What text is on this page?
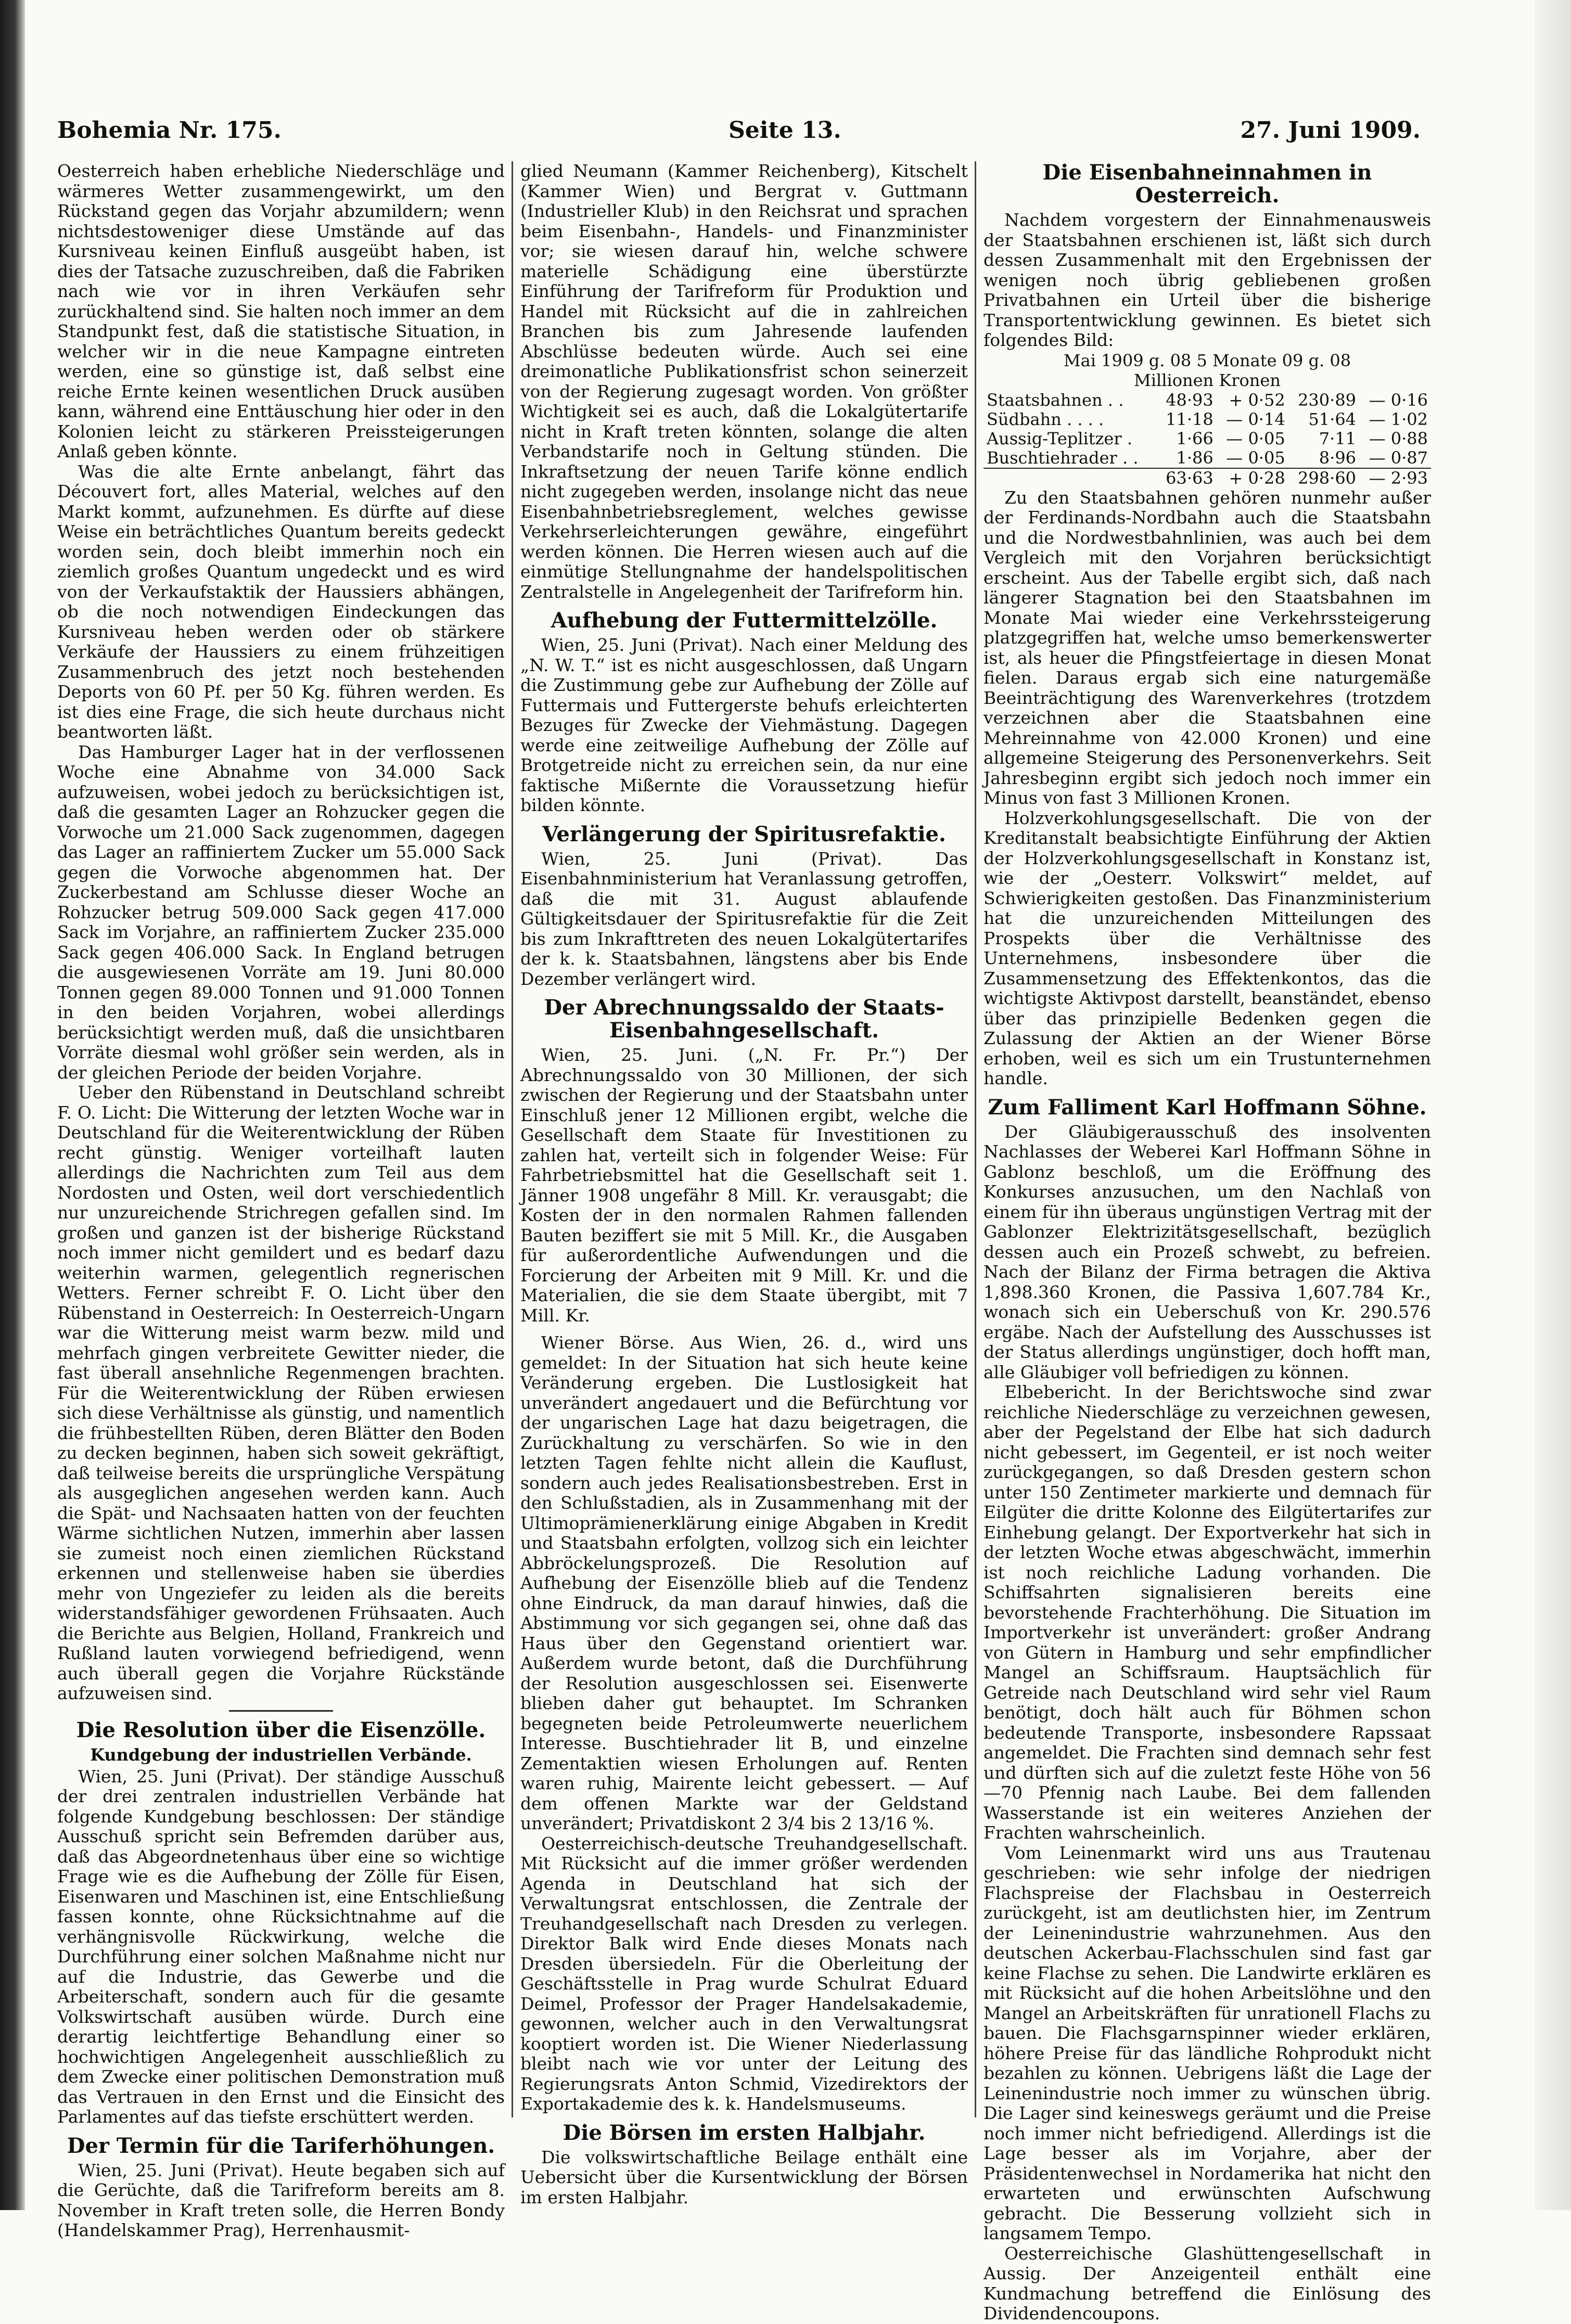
Bohemia Nr. 175.	Seite 13.	27. Juni 1909.

Oesterreich haben erhebliche Niederschläge und wärmeres Wetter zusammengewirkt, um den Rückstand gegen das Vorjahr abzumildern; wenn nichtsdestoweniger diese Umstände auf das Kursniveau keinen Einfluß ausgeübt haben, ist dies der Tatsache zuzuschreiben, daß die Fabriken nach wie vor in ihren Verkäufen sehr zurückhaltend sind. Sie halten noch immer an dem Standpunkt fest, daß die statistische Situation, in welcher wir in die neue Kampagne eintreten werden, eine so günstige ist, daß selbst eine reiche Ernte keinen wesentlichen Druck ausüben kann, während eine Enttäuschung hier oder in den Kolonien leicht zu stärkeren Preissteigerungen Anlaß geben könnte.

Was die alte Ernte anbelangt, fährt das Découvert fort, alles Material, welches auf den Markt kommt, aufzunehmen. Es dürfte auf diese Weise ein beträchtliches Quantum bereits gedeckt worden sein, doch bleibt immerhin noch ein ziemlich großes Quantum ungedeckt und es wird von der Verkaufstaktik der Haussiers abhängen, ob die noch notwendigen Eindeckungen das Kursniveau heben werden oder ob stärkere Verkäufe der Haussiers zu einem frühzeitigen Zusammenbruch des jetzt noch bestehenden Deports von 60 Pf. per 50 Kg. führen werden. Es ist dies eine Frage, die sich heute durchaus nicht beantworten läßt.

Das Hamburger Lager hat in der verflossenen Woche eine Abnahme von 34.000 Sack aufzuweisen, wobei jedoch zu berücksichtigen ist, daß die gesamten Lager an Rohzucker gegen die Vorwoche um 21.000 Sack zugenommen, dagegen das Lager an raffiniertem Zucker um 55.000 Sack gegen die Vorwoche abgenommen hat. Der Zuckerbestand am Schlusse dieser Woche an Rohzucker betrug 509.000 Sack gegen 417.000 Sack im Vorjahre, an raffiniertem Zucker 235.000 Sack gegen 406.000 Sack. In England betrugen die ausgewiesenen Vorräte am 19. Juni 80.000 Tonnen gegen 89.000 Tonnen und 91.000 Tonnen in den beiden Vorjahren, wobei allerdings berücksichtigt werden muß, daß die unsichtbaren Vorräte diesmal wohl größer sein werden, als in der gleichen Periode der beiden Vorjahre.

Ueber den Rübenstand in Deutschland schreibt F. O. Licht: Die Witterung der letzten Woche war in Deutschland für die Weiterentwicklung der Rüben recht günstig. Weniger vorteilhaft lauten allerdings die Nachrichten zum Teil aus dem Nordosten und Osten, weil dort verschiedentlich nur unzureichende Strichregen gefallen sind. Im großen und ganzen ist der bisherige Rückstand noch immer nicht gemildert und es bedarf dazu weiterhin warmen, gelegentlich regnerischen Wetters. Ferner schreibt F. O. Licht über den Rübenstand in Oesterreich: In Oesterreich-Ungarn war die Witterung meist warm bezw. mild und mehrfach gingen verbreitete Gewitter nieder, die fast überall ansehnliche Regenmengen brachten. Für die Weiterentwicklung der Rüben erwiesen sich diese Verhältnisse als günstig, und namentlich die frühbestellten Rüben, deren Blätter den Boden zu decken beginnen, haben sich soweit gekräftigt, daß teilweise bereits die ursprüngliche Verspätung als ausgeglichen angesehen werden kann. Auch die Spät- und Nachsaaten hatten von der feuchten Wärme sichtlichen Nutzen, immerhin aber lassen sie zumeist noch einen ziemlichen Rückstand erkennen und stellenweise haben sie überdies mehr von Ungeziefer zu leiden als die bereits widerstandsfähiger gewordenen Frühsaaten. Auch die Berichte aus Belgien, Holland, Frankreich und Rußland lauten vorwiegend befriedigend, wenn auch überall gegen die Vorjahre Rückstände aufzuweisen sind.

Die Resolution über die Eisenzölle.
Kundgebung der industriellen Verbände.

Wien, 25. Juni (Privat). Der ständige Ausschuß der drei zentralen industriellen Verbände hat folgende Kundgebung beschlossen: Der ständige Ausschuß spricht sein Befremden darüber aus, daß das Abgeordnetenhaus über eine so wichtige Frage wie es die Aufhebung der Zölle für Eisen, Eisenwaren und Maschinen ist, eine Entschließung fassen konnte, ohne Rücksichtnahme auf die verhängnisvolle Rückwirkung, welche die Durchführung einer solchen Maßnahme nicht nur auf die Industrie, das Gewerbe und die Arbeiterschaft, sondern auch für die gesamte Volkswirtschaft ausüben würde. Durch eine derartig leichtfertige Behandlung einer so hochwichtigen Angelegenheit ausschließlich zu dem Zwecke einer politischen Demonstration muß das Vertrauen in den Ernst und die Einsicht des Parlamentes auf das tiefste erschüttert werden.

Der Termin für die Tariferhöhungen.

Wien, 25. Juni (Privat). Heute begaben sich auf die Gerüchte, daß die Tarifreform bereits am 8. November in Kraft treten solle, die Herren Bondy (Handelskammer Prag), Herrenhausmit-

glied Neumann (Kammer Reichenberg), Kitschelt (Kammer Wien) und Bergrat v. Guttmann (Industrieller Klub) in den Reichsrat und sprachen beim Eisenbahn-, Handels- und Finanzminister vor; sie wiesen darauf hin, welche schwere materielle Schädigung eine überstürzte Einführung der Tarifreform für Produktion und Handel mit Rücksicht auf die in zahlreichen Branchen bis zum Jahresende laufenden Abschlüsse bedeuten würde. Auch sei eine dreimonatliche Publikationsfrist schon seinerzeit von der Regierung zugesagt worden. Von größter Wichtigkeit sei es auch, daß die Lokalgütertarife nicht in Kraft treten könnten, solange die alten Verbandstarife noch in Geltung stünden. Die Inkraftsetzung der neuen Tarife könne endlich nicht zugegeben werden, insolange nicht das neue Eisenbahnbetriebsreglement, welches gewisse Verkehrserleichterungen gewähre, eingeführt werden können. Die Herren wiesen auch auf die einmütige Stellungnahme der handelspolitischen Zentralstelle in Angelegenheit der Tarifreform hin.

Aufhebung der Futtermittelzölle.

Wien, 25. Juni (Privat). Nach einer Meldung des „N. W. T.“ ist es nicht ausgeschlossen, daß Ungarn die Zustimmung gebe zur Aufhebung der Zölle auf Futtermais und Futtergerste behufs erleichterten Bezuges für Zwecke der Viehmästung. Dagegen werde eine zeitweilige Aufhebung der Zölle auf Brotgetreide nicht zu erreichen sein, da nur eine faktische Mißernte die Voraussetzung hiefür bilden könnte.

Verlängerung der Spiritusrefaktie.

Wien, 25. Juni (Privat). Das Eisenbahnministerium hat Veranlassung getroffen, daß die mit 31. August ablaufende Gültigkeitsdauer der Spiritusrefaktie für die Zeit bis zum Inkrafttreten des neuen Lokalgütertarifes der k. k. Staatsbahnen, längstens aber bis Ende Dezember verlängert wird.

Der Abrechnungssaldo der Staats-Eisenbahngesellschaft.

Wien, 25. Juni. („N. Fr. Pr.“) Der Abrechnungssaldo von 30 Millionen, der sich zwischen der Regierung und der Staatsbahn unter Einschluß jener 12 Millionen ergibt, welche die Gesellschaft dem Staate für Investitionen zu zahlen hat, verteilt sich in folgender Weise: Für Fahrbetriebsmittel hat die Gesellschaft seit 1. Jänner 1908 ungefähr 8 Mill. Kr. verausgabt; die Kosten der in den normalen Rahmen fallenden Bauten beziffert sie mit 5 Mill. Kr., die Ausgaben für außerordentliche Aufwendungen und die Forcierung der Arbeiten mit 9 Mill. Kr. und die Materialien, die sie dem Staate übergibt, mit 7 Mill. Kr.

Wiener Börse. Aus Wien, 26. d., wird uns gemeldet: In der Situation hat sich heute keine Veränderung ergeben. Die Lustlosigkeit hat unverändert angedauert und die Befürchtung vor der ungarischen Lage hat dazu beigetragen, die Zurückhaltung zu verschärfen. So wie in den letzten Tagen fehlte nicht allein die Kauflust, sondern auch jedes Realisationsbestreben. Erst in den Schlußstadien, als in Zusammenhang mit der Ultimoprämienerklärung einige Abgaben in Kredit und Staatsbahn erfolgten, vollzog sich ein leichter Abbröckelungsprozeß. Die Resolution auf Aufhebung der Eisenzölle blieb auf die Tendenz ohne Eindruck, da man darauf hinwies, daß die Abstimmung vor sich gegangen sei, ohne daß das Haus über den Gegenstand orientiert war. Außerdem wurde betont, daß die Durchführung der Resolution ausgeschlossen sei. Eisenwerte blieben daher gut behauptet. Im Schranken begegneten beide Petroleumwerte neuerlichem Interesse. Buschtiehrader lit B, und einzelne Zementaktien wiesen Erholungen auf. Renten waren ruhig, Mairente leicht gebessert. — Auf dem offenen Markte war der Geldstand unverändert; Privatdiskont 2 3/4 bis 2 13/16 %.

Oesterreichisch-deutsche Treuhandgesellschaft. Mit Rücksicht auf die immer größer werdenden Agenda in Deutschland hat sich der Verwaltungsrat entschlossen, die Zentrale der Treuhandgesellschaft nach Dresden zu verlegen. Direktor Balk wird Ende dieses Monats nach Dresden übersiedeln. Für die Oberleitung der Geschäftsstelle in Prag wurde Schulrat Eduard Deimel, Professor der Prager Handelsakademie, gewonnen, welcher auch in den Verwaltungsrat kooptiert worden ist. Die Wiener Niederlassung bleibt nach wie vor unter der Leitung des Regierungsrats Anton Schmid, Vizedirektors der Exportakademie des k. k. Handelsmuseums.

Die Börsen im ersten Halbjahr.

Die volkswirtschaftliche Beilage enthält eine Uebersicht über die Kursentwicklung der Börsen im ersten Halbjahr.

Die Eisenbahneinnahmen in Oesterreich.

Nachdem vorgestern der Einnahmenausweis der Staatsbahnen erschienen ist, läßt sich durch dessen Zusammenhalt mit den Ergebnissen der wenigen noch übrig gebliebenen großen Privatbahnen ein Urteil über die bisherige Transportentwicklung gewinnen. Es bietet sich folgendes Bild:

Mai 1909 g. 08 5 Monate 09 g. 08
Millionen Kronen
Staatsbahnen . .	48·93	+ 0·52	230·89	— 0·16
Südbahn . . . .	11·18	— 0·14	51·64	— 1·02
Aussig-Teplitzer .	1·66	— 0·05	7·11	— 0·88
Buschtiehrader . .	1·86	— 0·05	8·96	— 0·87
	63·63	+ 0·28	298·60	— 2·93

Zu den Staatsbahnen gehören nunmehr außer der Ferdinands-Nordbahn auch die Staatsbahn und die Nordwestbahnlinien, was auch bei dem Vergleich mit den Vorjahren berücksichtigt erscheint. Aus der Tabelle ergibt sich, daß nach längerer Stagnation bei den Staatsbahnen im Monate Mai wieder eine Verkehrssteigerung platzgegriffen hat, welche umso bemerkenswerter ist, als heuer die Pfingstfeiertage in diesen Monat fielen. Daraus ergab sich eine naturgemäße Beeinträchtigung des Warenverkehres (trotzdem verzeichnen aber die Staatsbahnen eine Mehreinnahme von 42.000 Kronen) und eine allgemeine Steigerung des Personenverkehrs. Seit Jahresbeginn ergibt sich jedoch noch immer ein Minus von fast 3 Millionen Kronen.

Holzverkohlungsgesellschaft. Die von der Kreditanstalt beabsichtigte Einführung der Aktien der Holzverkohlungsgesellschaft in Konstanz ist, wie der „Oesterr. Volkswirt“ meldet, auf Schwierigkeiten gestoßen. Das Finanzministerium hat die unzureichenden Mitteilungen des Prospekts über die Verhältnisse des Unternehmens, insbesondere über die Zusammensetzung des Effektenkontos, das die wichtigste Aktivpost darstellt, beanständet, ebenso über das prinzipielle Bedenken gegen die Zulassung der Aktien an der Wiener Börse erhoben, weil es sich um ein Trustunternehmen handle.

Zum Falliment Karl Hoffmann Söhne.

Der Gläubigerausschuß des insolventen Nachlasses der Weberei Karl Hoffmann Söhne in Gablonz beschloß, um die Eröffnung des Konkurses anzusuchen, um den Nachlaß von einem für ihn überaus ungünstigen Vertrag mit der Gablonzer Elektrizitätsgesellschaft, bezüglich dessen auch ein Prozeß schwebt, zu befreien. Nach der Bilanz der Firma betragen die Aktiva 1,898.360 Kronen, die Passiva 1,607.784 Kr., wonach sich ein Ueberschuß von Kr. 290.576 ergäbe. Nach der Aufstellung des Ausschusses ist der Status allerdings ungünstiger, doch hofft man, alle Gläubiger voll befriedigen zu können.

Elbebericht. In der Berichtswoche sind zwar reichliche Niederschläge zu verzeichnen gewesen, aber der Pegelstand der Elbe hat sich dadurch nicht gebessert, im Gegenteil, er ist noch weiter zurückgegangen, so daß Dresden gestern schon unter 150 Zentimeter markierte und demnach für Eilgüter die dritte Kolonne des Eilgütertarifes zur Einhebung gelangt. Der Exportverkehr hat sich in der letzten Woche etwas abgeschwächt, immerhin ist noch reichliche Ladung vorhanden. Die Schiffsahrten signalisieren bereits eine bevorstehende Frachterhöhung. Die Situation im Importverkehr ist unverändert: großer Andrang von Gütern in Hamburg und sehr empfindlicher Mangel an Schiffsraum. Hauptsächlich für Getreide nach Deutschland wird sehr viel Raum benötigt, doch hält auch für Böhmen schon bedeutende Transporte, insbesondere Rapssaat angemeldet. Die Frachten sind demnach sehr fest und dürften sich auf die zuletzt feste Höhe von 56—70 Pfennig nach Laube. Bei dem fallenden Wasserstande ist ein weiteres Anziehen der Frachten wahrscheinlich.

Vom Leinenmarkt wird uns aus Trautenau geschrieben: wie sehr infolge der niedrigen Flachspreise der Flachsbau in Oesterreich zurückgeht, ist am deutlichsten hier, im Zentrum der Leinenindustrie wahrzunehmen. Aus den deutschen Ackerbau-Flachsschulen sind fast gar keine Flachse zu sehen. Die Landwirte erklären es mit Rücksicht auf die hohen Arbeitslöhne und den Mangel an Arbeitskräften für unrationell Flachs zu bauen. Die Flachsgarnspinner wieder erklären, höhere Preise für das ländliche Rohprodukt nicht bezahlen zu können. Uebrigens läßt die Lage der Leinenindustrie noch immer zu wünschen übrig. Die Lager sind keineswegs geräumt und die Preise noch immer nicht befriedigend. Allerdings ist die Lage besser als im Vorjahre, aber der Präsidentenwechsel in Nordamerika hat nicht den erwarteten und erwünschten Aufschwung gebracht. Die Besserung vollzieht sich in langsamem Tempo.

Oesterreichische Glashüttengesellschaft in Aussig. Der Anzeigenteil enthält eine Kundmachung betreffend die Einlösung des Dividendencoupons.
